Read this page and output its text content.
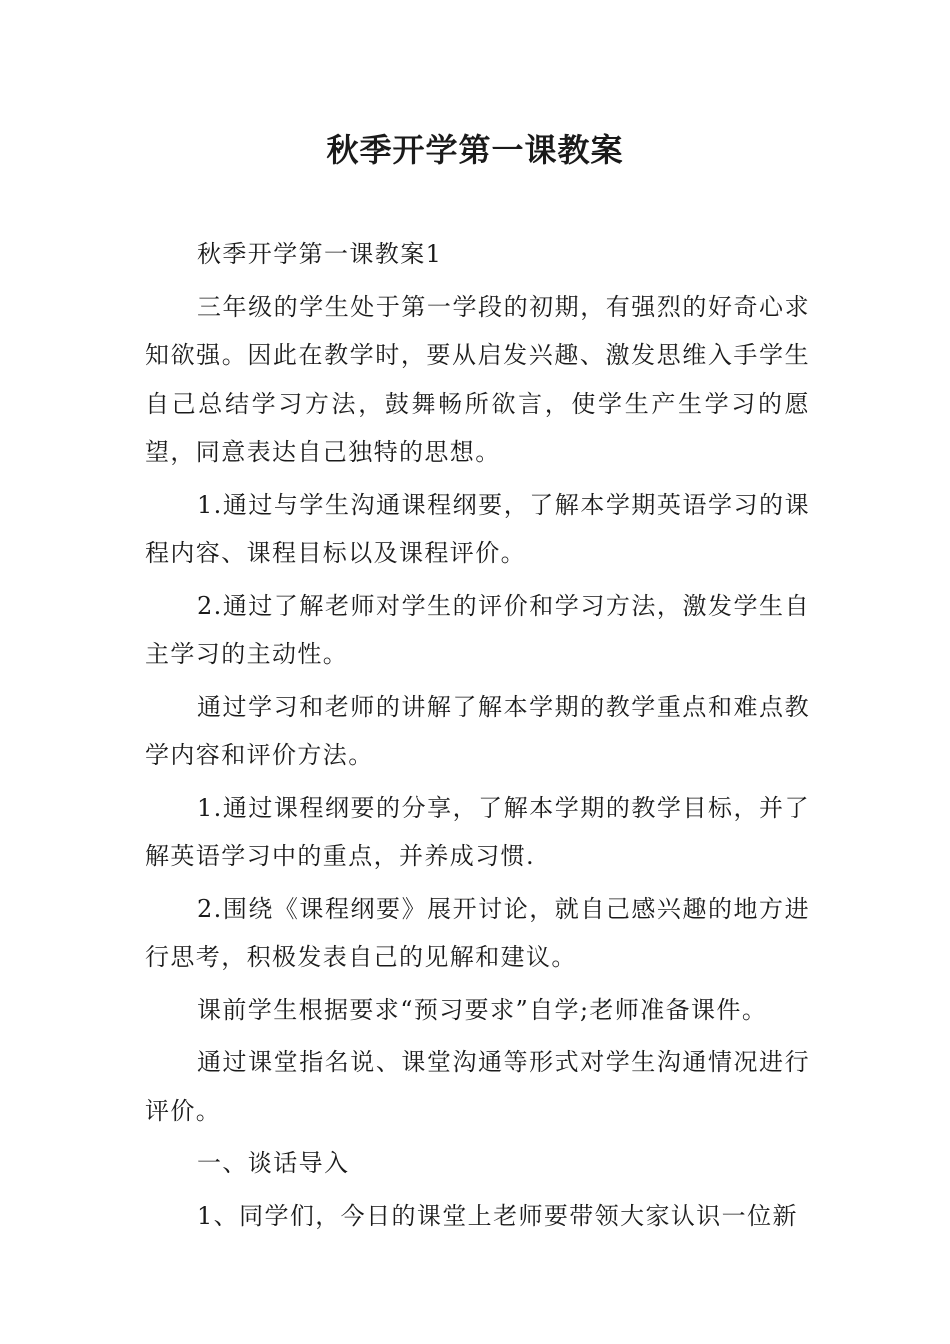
秋季开学第一课教案

秋季开学第一课教案1

三年级的学生处于第一学段的初期，有强烈的好奇心求知欲强。因此在教学时，要从启发兴趣、激发思维入手学生自己总结学习方法，鼓舞畅所欲言，使学生产生学习的愿望，同意表达自己独特的思想。

1.通过与学生沟通课程纲要，了解本学期英语学习的课程内容、课程目标以及课程评价。

2.通过了解老师对学生的评价和学习方法，激发学生自主学习的主动性。

通过学习和老师的讲解了解本学期的教学重点和难点教学内容和评价方法。

1.通过课程纲要的分享，了解本学期的教学目标，并了解英语学习中的重点，并养成习惯.

2.围绕《课程纲要》展开讨论，就自己感兴趣的地方进行思考，积极发表自己的见解和建议。

课前学生根据要求“预习要求”自学;老师准备课件。

通过课堂指名说、课堂沟通等形式对学生沟通情况进行评价。

一、谈话导入

1、同学们，今日的课堂上老师要带领大家认识一位新
